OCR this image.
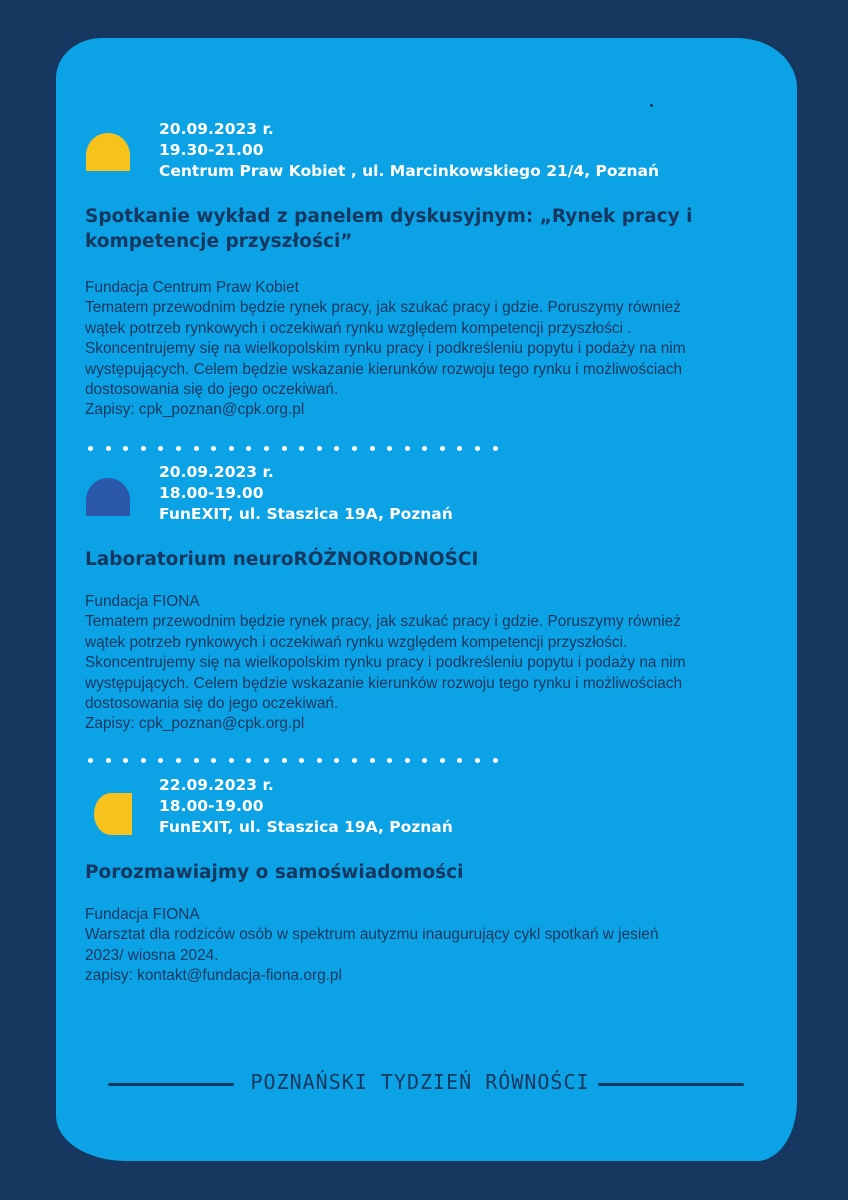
20.09.2023 r.
19.30-21.00
Centrum Praw Kobiet , ul. Marcinkowskiego 21/4, Poznań
Spotkanie wykład z panelem dyskusyjnym: „Rynek pracy i
kompetencje przyszłości”

Fundacja Centrum Praw Kobiet

Tematem przewodnim będzie rynek pracy, jak szukać pracy i gdzie. Poruszymy również

wątek potrzeb rynkowych i oczekiwań rynku względem kompetencji przyszłości .

Skoncentrujemy się na wielkopolskim rynku pracy i podkreśleniu popytu i podaży na nim

występujących. Celem będzie wskazanie kierunków rozwoju tego rynku i możliwościach

dostosowania się do jego oczekiwań.

Zapisy: cpk_poznan@cpk.org.pl

20.09.2023 r.
18.00-19.00
FunEXIT, ul. Staszica 19A, Poznań
Laboratorium neuroRÓŻNORODNOŚCI

Fundacja FIONA

Tematem przewodnim będzie rynek pracy, jak szukać pracy i gdzie. Poruszymy również

wątek potrzeb rynkowych i oczekiwań rynku względem kompetencji przyszłości.

Skoncentrujemy się na wielkopolskim rynku pracy i podkreśleniu popytu i podaży na nim

występujących. Celem będzie wskazanie kierunków rozwoju tego rynku i możliwościach

dostosowania się do jego oczekiwań.

Zapisy: cpk_poznan@cpk.org.pl

22.09.2023 r.
18.00-19.00
FunEXIT, ul. Staszica 19A, Poznań
Porozmawiajmy o samoświadomości

Fundacja FIONA

Warsztat dla rodziców osób w spektrum autyzmu inaugurujący cykl spotkań w jesień

2023/ wiosna 2024.

zapisy: kontakt@fundacja-fiona.org.pl

POZNAŃSKI TYDZIEŃ RÓWNOŚCI
